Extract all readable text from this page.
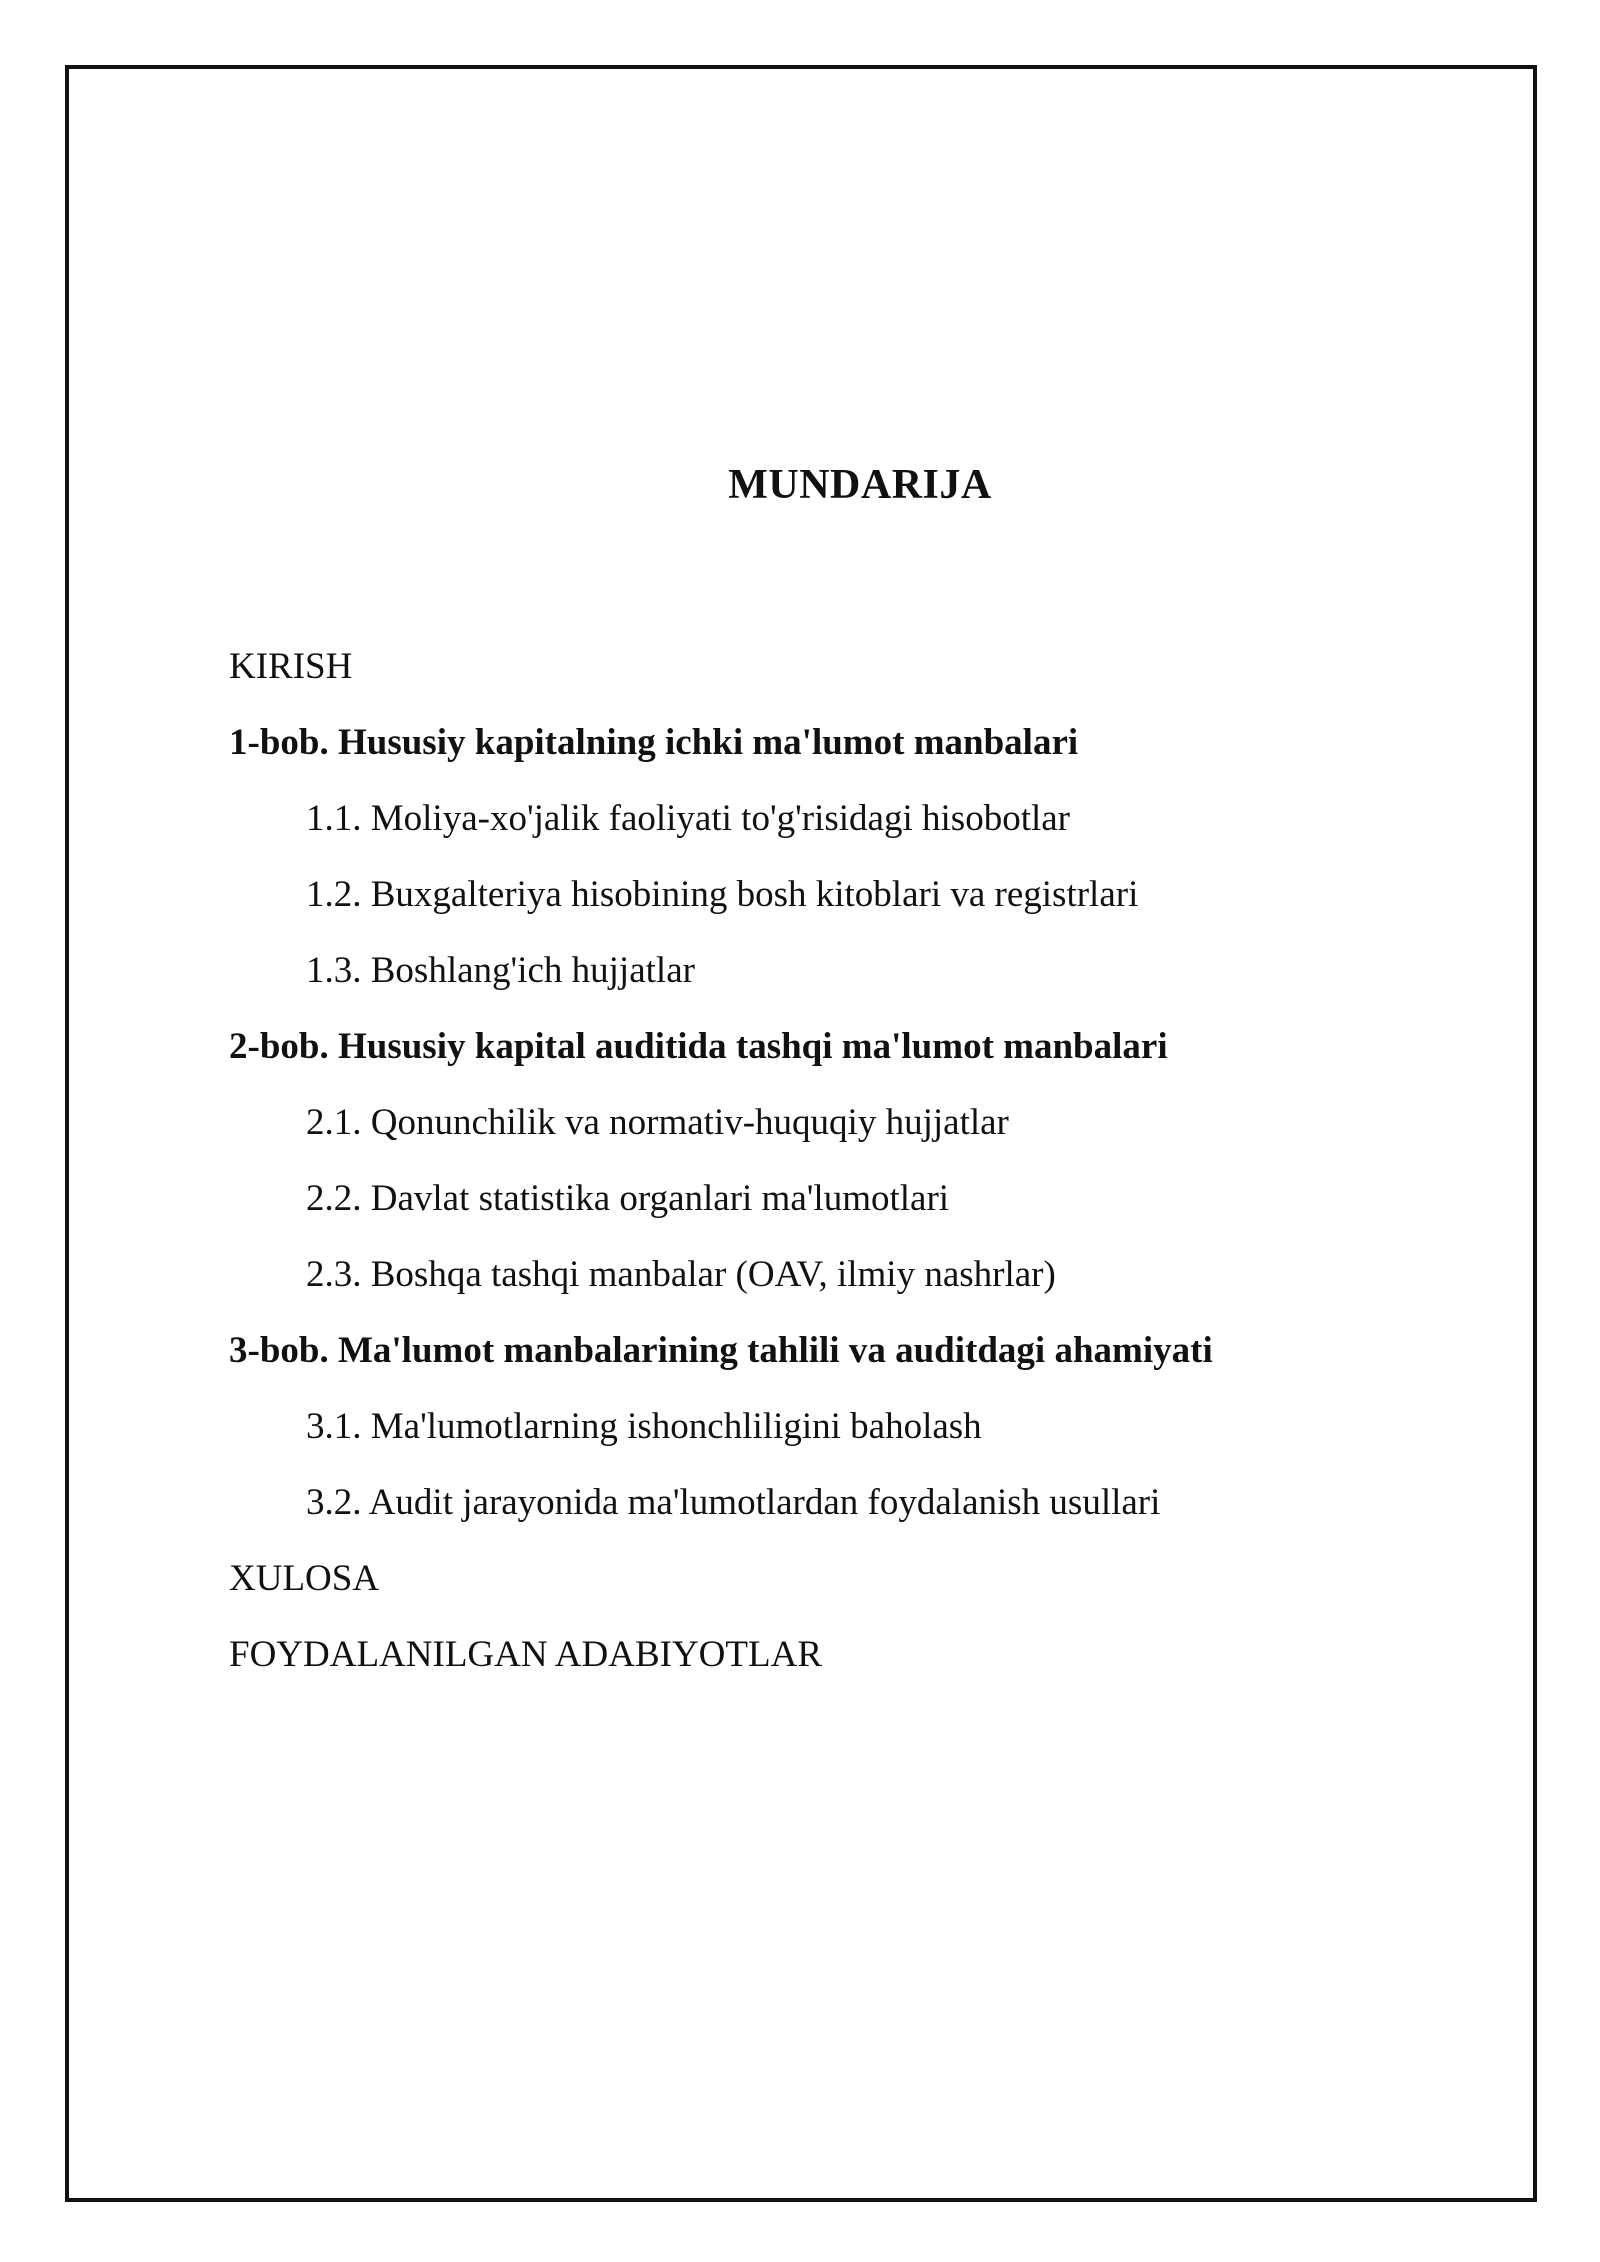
MUNDARIJA
KIRISH
1-bob. Hususiy kapitalning ichki ma'lumot manbalari
1.1. Moliya-xo'jalik faoliyati to'g'risidagi hisobotlar
1.2. Buxgalteriya hisobining bosh kitoblari va registrlari
1.3. Boshlang'ich hujjatlar
2-bob. Hususiy kapital auditida tashqi ma'lumot manbalari
2.1. Qonunchilik va normativ-huquqiy hujjatlar
2.2. Davlat statistika organlari ma'lumotlari
2.3. Boshqa tashqi manbalar (OAV, ilmiy nashrlar)
3-bob. Ma'lumot manbalarining tahlili va auditdagi ahamiyati
3.1. Ma'lumotlarning ishonchliligini baholash
3.2. Audit jarayonida ma'lumotlardan foydalanish usullari
XULOSA
FOYDALANILGAN ADABIYOTLAR
